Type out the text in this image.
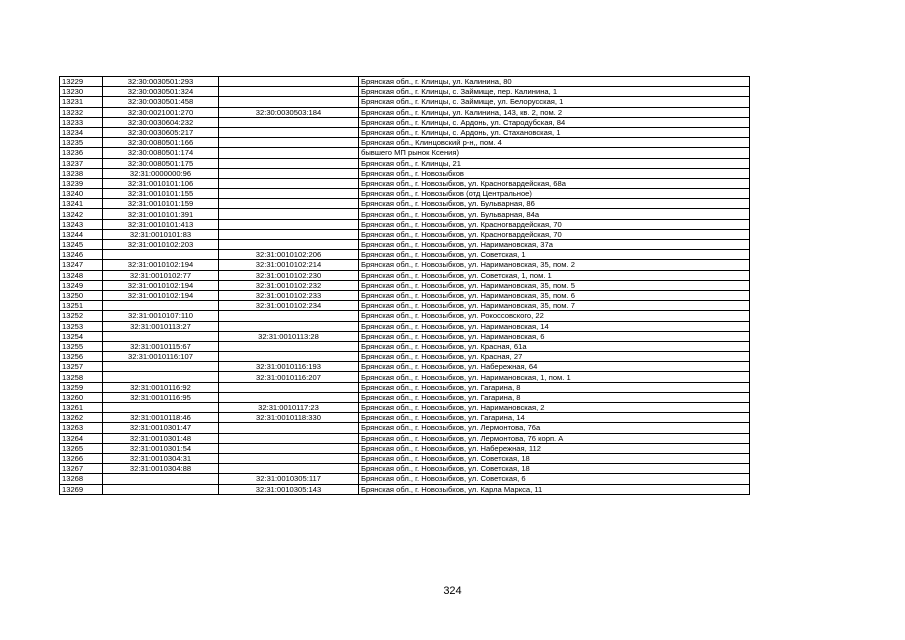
13229	32:30:0030501:293		Брянская обл., г. Клинцы, ул. Калинина, 80
13230	32:30:0030501:324		Брянская обл., г. Клинцы, с. Займище, пер. Калинина, 1
13231	32:30:0030501:458		Брянская обл., г. Клинцы, с. Займище, ул. Белорусская, 1
13232	32:30:0021001:270	32:30:0030503:184	Брянская обл., г. Клинцы, ул. Калинина, 143, кв. 2, пом. 2
13233	32:30:0030604:232		Брянская обл., г. Клинцы, с. Ардонь, ул. Стародубская, 84
13234	32:30:0030605:217		Брянская обл., г. Клинцы, с. Ардонь, ул. Стахановская, 1
13235	32:30:0080501:166		Брянская обл., Клинцовский р-н,, пом. 4
13236	32:30:0080501:174		бывшего МП рынок Ксения)
13237	32:30:0080501:175		Брянская обл., г. Клинцы, 21
13238	32:31:0000000:96		Брянская обл., г. Новозыбков
13239	32:31:0010101:106		Брянская обл., г. Новозыбков, ул. Красногвардейская, 68а
13240	32:31:0010101:155		Брянская обл., г. Новозыбков (отд Центральное)
13241	32:31:0010101:159		Брянская обл., г. Новозыбков, ул. Бульварная, 86
13242	32:31:0010101:391		Брянская обл., г. Новозыбков, ул. Бульварная, 84а
13243	32:31:0010101:413		Брянская обл., г. Новозыбков, ул. Красногвардейская, 70
13244	32:31:0010101:83		Брянская обл., г. Новозыбков, ул. Красногвардейская, 70
13245	32:31:0010102:203		Брянская обл., г. Новозыбков, ул. Наримановская, 37а
13246		32:31:0010102:206	Брянская обл., г. Новозыбков, ул. Советская, 1
13247	32:31:0010102:194	32:31:0010102:214	Брянская обл., г. Новозыбков, ул. Наримановская, 35, пом. 2
13248	32:31:0010102:77	32:31:0010102:230	Брянская обл., г. Новозыбков, ул. Советская, 1, пом. 1
13249	32:31:0010102:194	32:31:0010102:232	Брянская обл., г. Новозыбков, ул. Наримановская, 35, пом. 5
13250	32:31:0010102:194	32:31:0010102:233	Брянская обл., г. Новозыбков, ул. Наримановская, 35, пом. 6
13251		32:31:0010102:234	Брянская обл., г. Новозыбков, ул. Наримановская, 35, пом. 7
13252	32:31:0010107:110		Брянская обл., г. Новозыбков, ул. Рокоссовского, 22
13253	32:31:0010113:27		Брянская обл., г. Новозыбков, ул. Наримановская, 14
13254		32:31:0010113:28	Брянская обл., г. Новозыбков, ул. Наримановская, 6
13255	32:31:0010115:67		Брянская обл., г. Новозыбков, ул. Красная, 61а
13256	32:31:0010116:107		Брянская обл., г. Новозыбков, ул. Красная, 27
13257		32:31:0010116:193	Брянская обл., г. Новозыбков, ул. Набережная, 64
13258		32:31:0010116:207	Брянская обл., г. Новозыбков, ул. Наримановская, 1, пом. 1
13259	32:31:0010116:92		Брянская обл., г. Новозыбков, ул. Гагарина, 8
13260	32:31:0010116:95		Брянская обл., г. Новозыбков, ул. Гагарина, 8
13261		32:31:0010117:23	Брянская обл., г. Новозыбков, ул. Наримановская, 2
13262	32:31:0010118:46	32:31:0010118:330	Брянская обл., г. Новозыбков, ул. Гагарина, 14
13263	32:31:0010301:47		Брянская обл., г. Новозыбков, ул. Лермонтова, 76а
13264	32:31:0010301:48		Брянская обл., г. Новозыбков, ул. Лермонтова, 76 корп. А
13265	32:31:0010301:54		Брянская обл., г. Новозыбков, ул. Набережная, 112
13266	32:31:0010304:31		Брянская обл., г. Новозыбков, ул. Советская, 18
13267	32:31:0010304:88		Брянская обл., г. Новозыбков, ул. Советская, 18
13268		32:31:0010305:117	Брянская обл., г. Новозыбков, ул. Советская, 6
13269		32:31:0010305:143	Брянская обл., г. Новозыбков, ул. Карла Маркса, 11
324
